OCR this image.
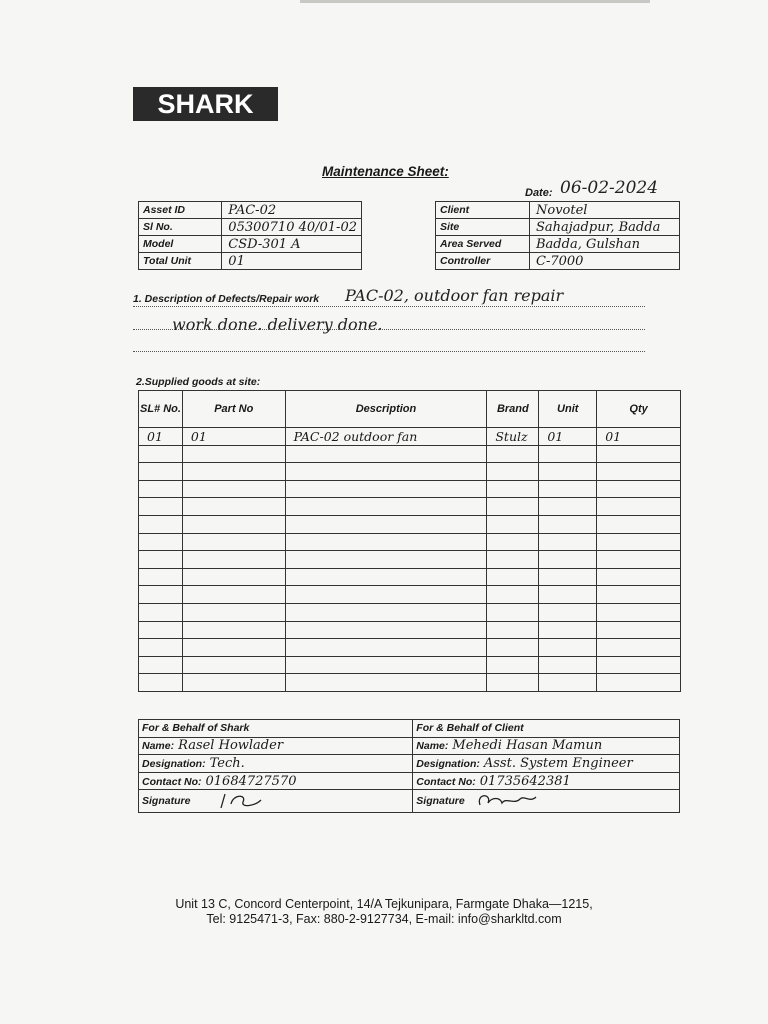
SHARK
Maintenance Sheet:
Date: 06-02-2024
Asset ID	PAC-02
Sl No.	05300710 40/01-02
Model	CSD-301 A
Total Unit	01
Client	Novotel
Site	Sahajadpur, Badda
Area Served	Badda, Gulshan
Controller	C-7000
1. Description of Defects/Repair work PAC-02, outdoor fan repair
work done. delivery done.
2.Supplied goods at site:
SL# No.	Part No	Description	Brand	Unit	Qty
01	01	PAC-02 outdoor fan	Stulz	01	01

For & Behalf of Shark	For & Behalf of Client
Name: Rasel Howlader	Name: Mehedi Hasan Mamun
Designation: Tech.	Designation: Asst. System Engineer
Contact No: 01684727570	Contact No: 01735642381
Signature	Signature
Unit 13 C, Concord Centerpoint, 14/A Tejkunipara, Farmgate Dhaka—1215,
Tel: 9125471-3, Fax: 880-2-9127734, E-mail: info@sharkltd.com
